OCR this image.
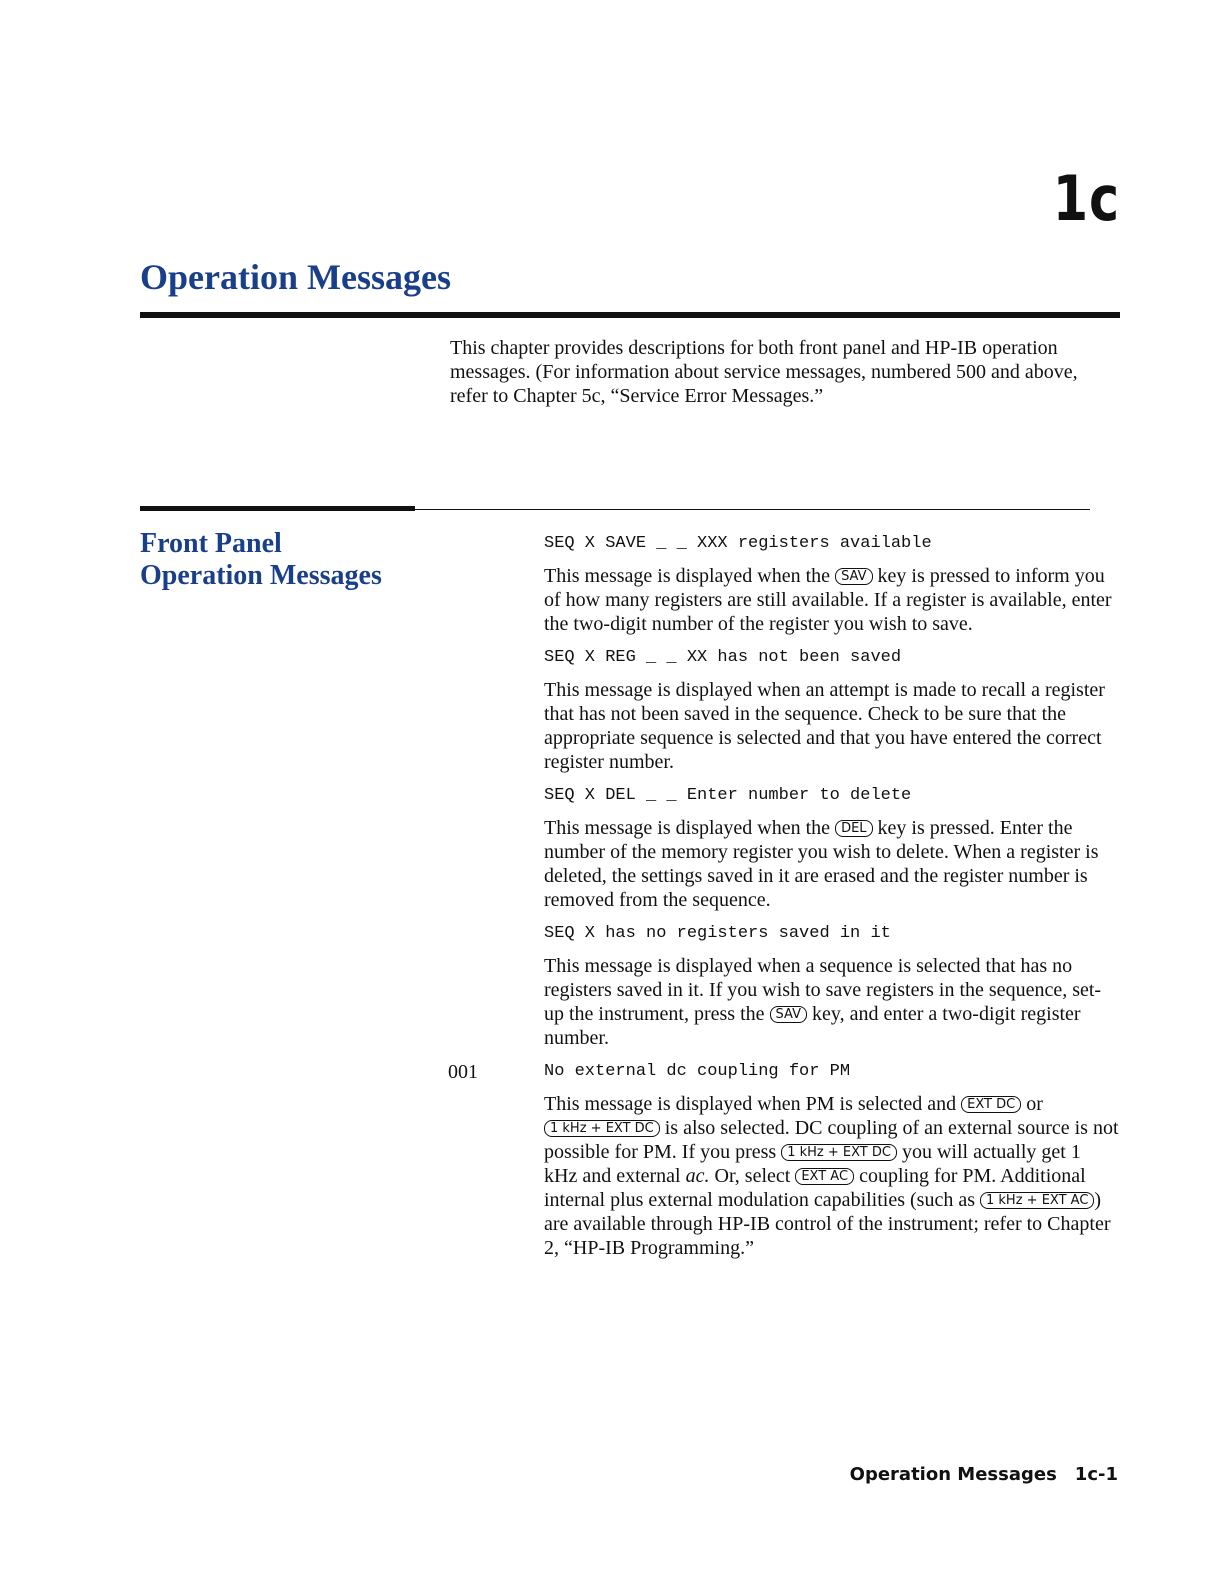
1c
Operation Messages

This chapter provides descriptions for both front panel and HP-IB operation messages. (For information about service messages, numbered 500 and above, refer to Chapter 5c, “Service Error Messages.”

Front Panel Operation Messages
SEQ X SAVE _ _ XXX registers available

This message is displayed when the SAV key is pressed to inform you of how many registers are still available. If a register is available, enter the two-digit number of the register you wish to save.

SEQ X REG _ _ XX has not been saved

This message is displayed when an attempt is made to recall a register that has not been saved in the sequence. Check to be sure that the appropriate sequence is selected and that you have entered the correct register number.

SEQ X DEL _ _ Enter number to delete

This message is displayed when the DEL key is pressed. Enter the number of the memory register you wish to delete. When a register is deleted, the settings saved in it are erased and the register number is removed from the sequence.

SEQ X has no registers saved in it

This message is displayed when a sequence is selected that has no registers saved in it. If you wish to save registers in the sequence, set-up the instrument, press the SAV key, and enter a two-digit register number.

001	No external dc coupling for PM

This message is displayed when PM is selected and EXT DC or 1 kHz + EXT DC is also selected. DC coupling of an external source is not possible for PM. If you press 1 kHz + EXT DC you will actually get 1 kHz and external ac. Or, select EXT AC coupling for PM. Additional internal plus external modulation capabilities (such as 1 kHz + EXT AC ) are available through HP-IB control of the instrument; refer to Chapter 2, “HP-IB Programming.”

Operation Messages 1c-1
